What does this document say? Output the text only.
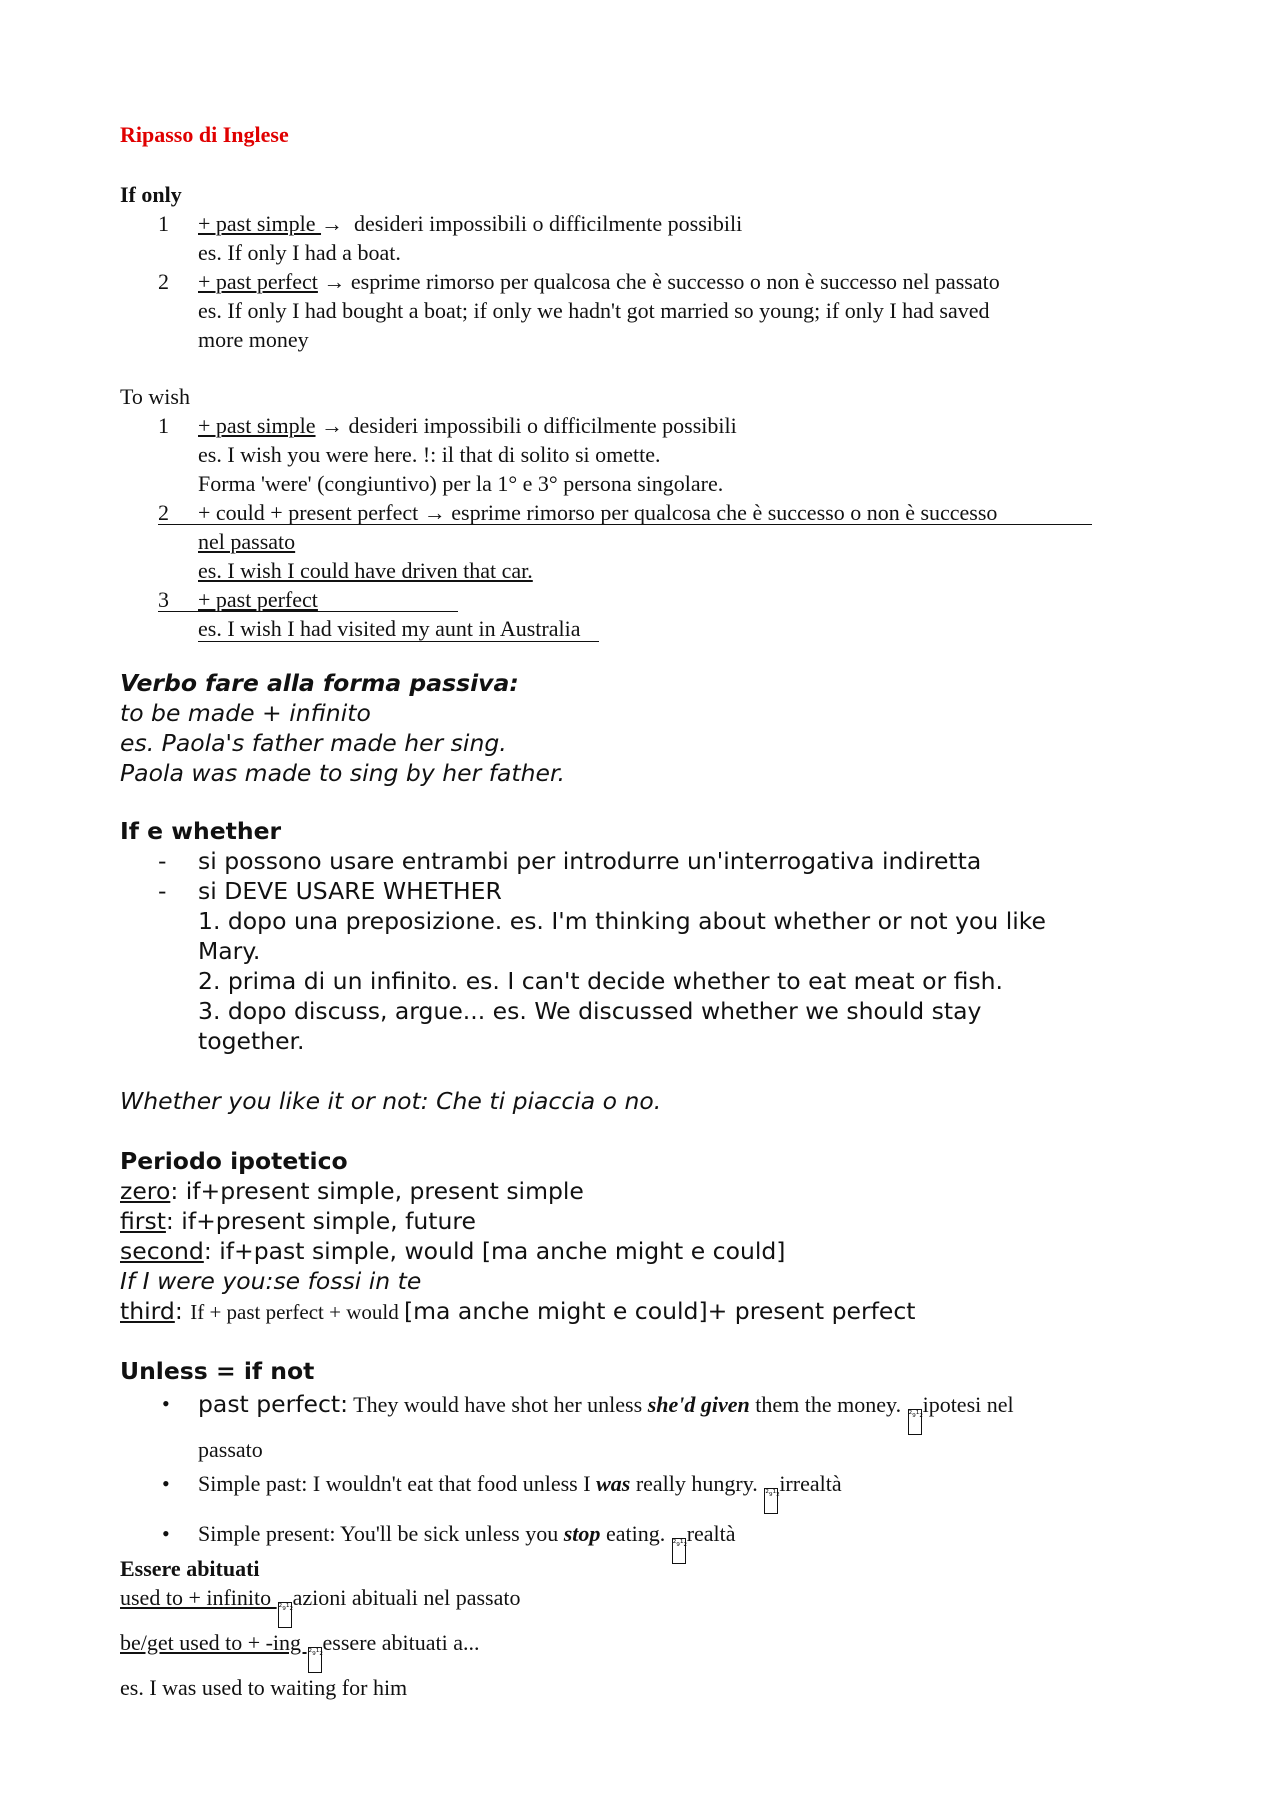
Ripasso di Inglese
If only
1 + past simple →  desideri impossibili o difficilmente possibili
es. If only I had a boat.
2 + past perfect → esprime rimorso per qualcosa che è successo o non è successo nel passato
es. If only I had bought a boat; if only we hadn't got married so young; if only I had saved
more money
To wish
1 + past simple → desideri impossibili o difficilmente possibili
es. I wish you were here. !: il that di solito si omette.
Forma 'were' (congiuntivo) per la 1° e 3° persona singolare.
2 + could + present perfect → esprime rimorso per qualcosa che è successo o non è successo
nel passato
es. I wish I could have driven that car.
3 + past perfect
es. I wish I had visited my aunt in Australia
Verbo fare alla forma passiva:
to be made + infinito
es. Paola's father made her sing.
Paola was made to sing by her father.
If e whether
- si possono usare entrambi per introdurre un'interrogativa indiretta
- si DEVE USARE WHETHER
1. dopo una preposizione. es. I'm thinking about whether or not you like
Mary.
2. prima di un infinito. es. I can't decide whether to eat meat or fish.
3. dopo discuss, argue... es. We discussed whether we should stay
together.
Whether you like it or not: Che ti piaccia o no.
Periodo ipotetico
zero: if+present simple, present simple
first: if+present simple, future
second: if+past simple, would [ma anche might e could]
If I were you:se fossi in te
third: If + past perfect + would [ma anche might e could]+ present perfect
Unless = if not
• past perfect: They would have shot her unless she'd given them the money. ²₉¹₂ipotesi nel
passato
• Simple past: I wouldn't eat that food unless I was really hungry. ²₉¹₂irrealtà
• Simple present: You'll be sick unless you stop eating. ²₉¹₂realtà
Essere abituati
used to + infinito ²₉¹₂azioni abituali nel passato
be/get used to + -ing ²₉¹₂essere abituati a...
es. I was used to waiting for him
